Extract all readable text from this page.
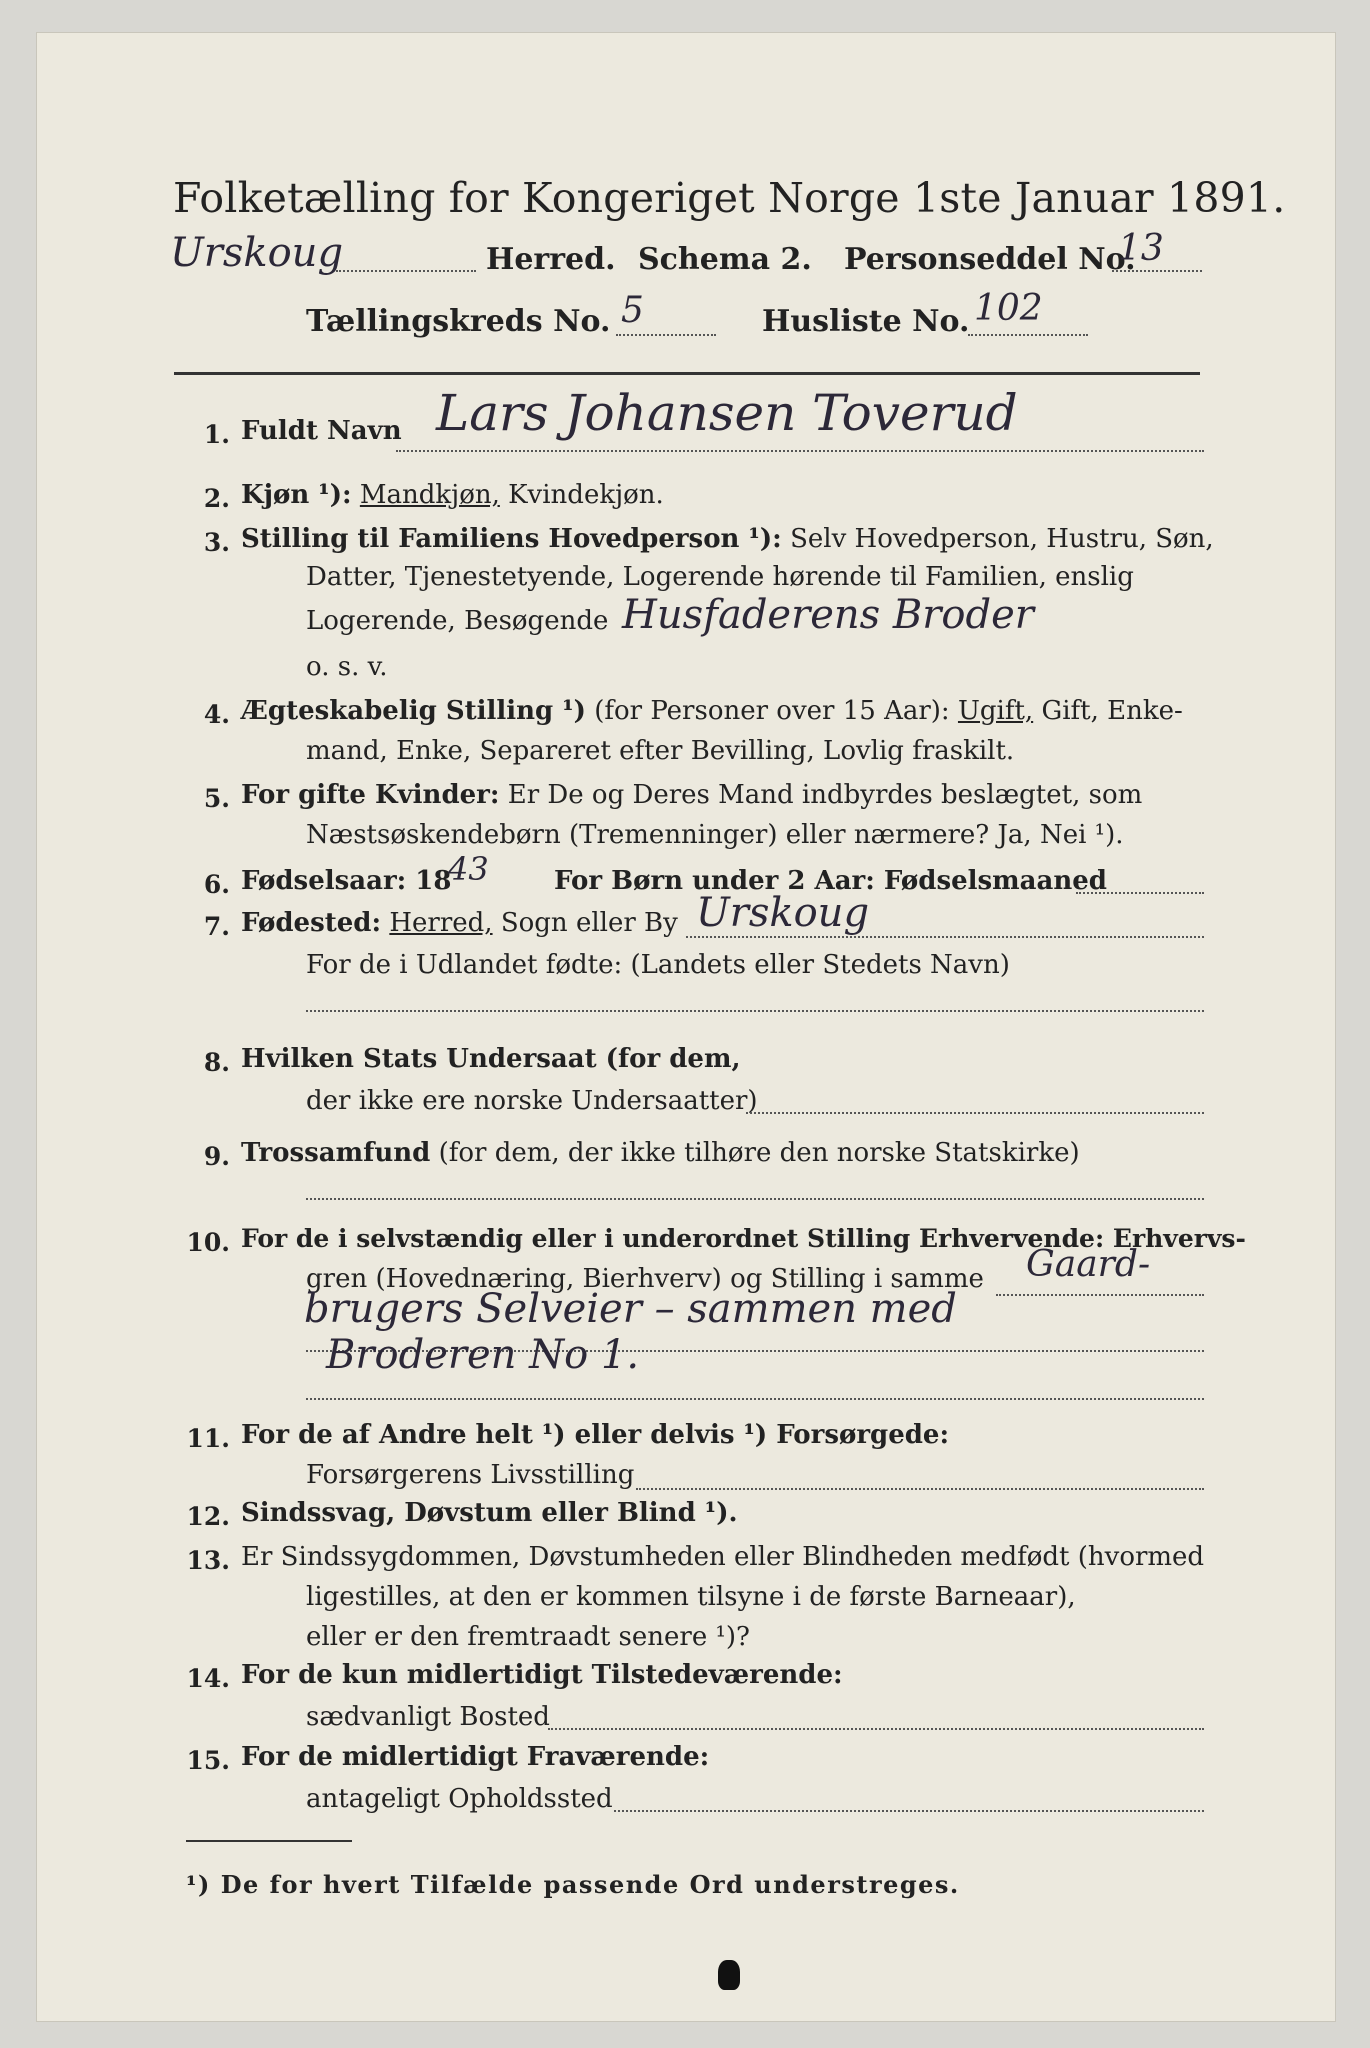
Folketælling for Kongeriget Norge 1ste Januar 1891.
Urskoug	Herred. Schema 2. Personseddel No.
13
Tællingskreds No. 5	Husliste No. 102
1. Fuldt Navn Lars Johansen Toverud
2. Kjøn ¹): Mandkjøn, Kvindekjøn.
3. Stilling til Familiens Hovedperson ¹): Selv Hovedperson, Hustru, Søn,
Datter, Tjenestetyende, Logerende hørende til Familien, enslig
Logerende, Besøgende Husfaderens Broder
o. s. v.
4. Ægteskabelig Stilling ¹) (for Personer over 15 Aar): Ugift, Gift, Enke-
mand, Enke, Separeret efter Bevilling, Lovlig fraskilt.
5. For gifte Kvinder: Er De og Deres Mand indbyrdes beslægtet, som
Næstsøskendebørn (Tremenninger) eller nærmere? Ja, Nei ¹).
6. Fødselsaar: 18
43	For Børn under 2 Aar: Fødselsmaaned
7. Fødested: Herred, Sogn eller By Urskoug
For de i Udlandet fødte: (Landets eller Stedets Navn)
8. Hvilken Stats Undersaat (for dem,
der ikke ere norske Undersaatter)
9. Trossamfund (for dem, der ikke tilhøre den norske Statskirke)
10. For de i selvstændig eller i underordnet Stilling Erhvervende: Erhvervs-
gren (Hovednæring, Bierhverv) og Stilling i samme Gaard-
brugers Selveier – sammen med
Broderen No 1.
11. For de af Andre helt ¹) eller delvis ¹) Forsørgede:
Forsørgerens Livsstilling
12. Sindssvag, Døvstum eller Blind ¹).
13. Er Sindssygdommen, Døvstumheden eller Blindheden medfødt (hvormed
ligestilles, at den er kommen tilsyne i de første Barneaar),
eller er den fremtraadt senere ¹)?
14. For de kun midlertidigt Tilstedeværende:
sædvanligt Bosted
15. For de midlertidigt Fraværende:
antageligt Opholdssted
¹) De for hvert Tilfælde passende Ord understreges.
